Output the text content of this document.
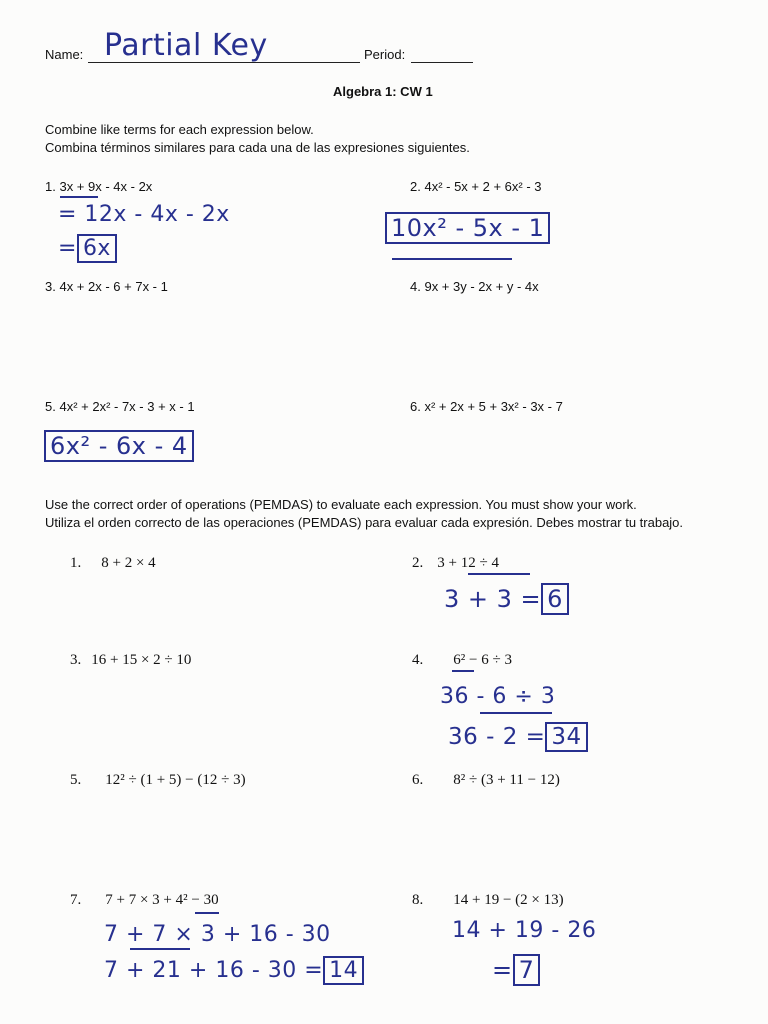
Name: Partial Key	Period:
Algebra 1: CW 1
Combine like terms for each expression below.
Combina términos similares para cada una de las expresiones siguientes.
1. 3x + 9x - 4x - 2x
= 12x - 4x - 2x
= 6x
2. 4x² - 5x + 2 + 6x² - 3
10x² - 5x - 1
3. 4x + 2x - 6 + 7x - 1	4. 9x + 3y - 2x + y - 4x
5. 4x² + 2x² - 7x - 3 + x - 1
6x² - 6x - 4
6. x² + 2x + 5 + 3x² - 3x - 7
Use the correct order of operations (PEMDAS) to evaluate each expression. You must show your work.
Utiliza el orden correcto de las operaciones (PEMDAS) para evaluar cada expresión. Debes mostrar tu trabajo.
1. 8 + 2 × 4	2. 3 + 12 ÷ 4
3 + 3 = 6
3. 16 + 15 × 2 ÷ 10	4. 6² − 6 ÷ 3
36 - 6 ÷ 3
36 - 2 = 34
5. 12² ÷ (1 + 5) − (12 ÷ 3)	6. 8² ÷ (3 + 11 − 12)
7. 7 + 7 × 3 + 4² − 30	8. 14 + 19 − (2 × 13)
7 + 7 × 3 + 16 - 30
7 + 21 + 16 - 30 = 14
14 + 19 - 26
= 7
